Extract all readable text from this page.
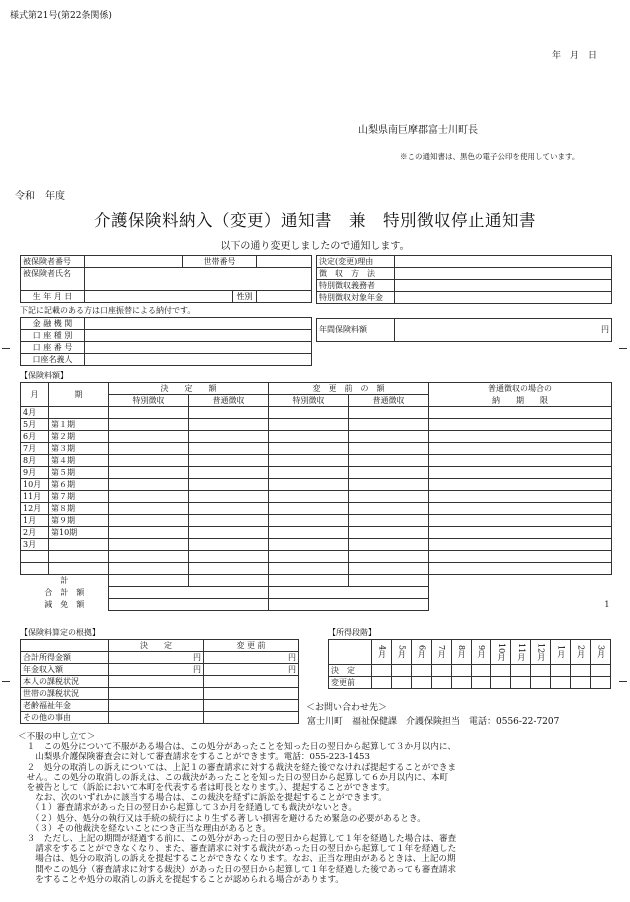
様式第21号(第22条関係)
年　月　日
山梨県南巨摩郡富士川町長
※この通知書は、黒色の電子公印を使用しています。
令和　年度
介護保険料納入（変更）通知書　兼　特別徴収停止通知書
以下の通り変更しましたので通知します。
被保険者番号		世帯番号		
被保険者氏名				

生 年 月 日			性別	
決定(変更)理由	
徴　収　方　法	
特別徴収義務者	
特別徴収対象年金	
下記に記載のある方は口座振替による納付です。
金 融 機 関	
口 座 種 別	
口 座 番 号	
口座名義人	
年間保険料額	円
【保険料額】
月	期	決　　定　　額		変　更　前　の　額		普通徴収の場合の
		特別徴収	普通徴収	特別徴収	普通徴収	納　　期　　限
4月						
5月	第１期					
6月	第２期					
7月	第３期					
8月	第４期					
9月	第５期					
10月	第６期					
11月	第７期					
12月	第８期					
1月	第９期					
2月	第10期					
3月						

計						
合　計　額						
減　免　額						1
【保険料算定の根拠】
	決　　定	変 更 前
合計所得金額	円	円
年金収入額	円	円
本人の課税状況		
世帯の課税状況		
老齢福祉年金		
その他の事由		
【所得段階】

	4月	5月	6月	7月	8月	9月	10月	11月	12月	1月	2月	3月

決　定												
変更前												
＜お問い合わせ先＞
富士川町　福祉保健課　介護保険担当　電話：0556-22-7207

＜不服の申し立て＞

　１　この処分について不服がある場合は、この処分があったことを知った日の翌日から起算して３か月以内に、

　　山梨県介護保険審査会に対して審査請求をすることができます。電話：055-223-1453

　２　処分の取消しの訴えについては、上記１の審査請求に対する裁決を経た後でなければ提起することができま

　せん。この処分の取消しの訴えは、この裁決があったことを知った日の翌日から起算して６か月以内に、本町

　を被告として（訴訟において本町を代表する者は町長となります。）、提起することができます。

　　なお、次のいずれかに該当する場合は、この裁決を経ずに訴訟を提起することができます。

　　（１）審査請求があった日の翌日から起算して３か月を経過しても裁決がないとき。

　　（２）処分、処分の執行又は手続の続行により生ずる著しい損害を避けるため緊急の必要があるとき。

　　（３）その他裁決を経ないことにつき正当な理由があるとき。

　３　ただし、上記の期間が経過する前に、この処分があった日の翌日から起算して１年を経過した場合は、審査

　　請求をすることができなくなり、また、審査請求に対する裁決があった日の翌日から起算して１年を経過した

　　場合は、処分の取消しの訴えを提起することができなくなります。なお、正当な理由があるときは、上記の期

　　間やこの処分（審査請求に対する裁決）があった日の翌日から起算して１年を経過した後であっても審査請求

　　をすることや処分の取消しの訴えを提起することが認められる場合があります。
